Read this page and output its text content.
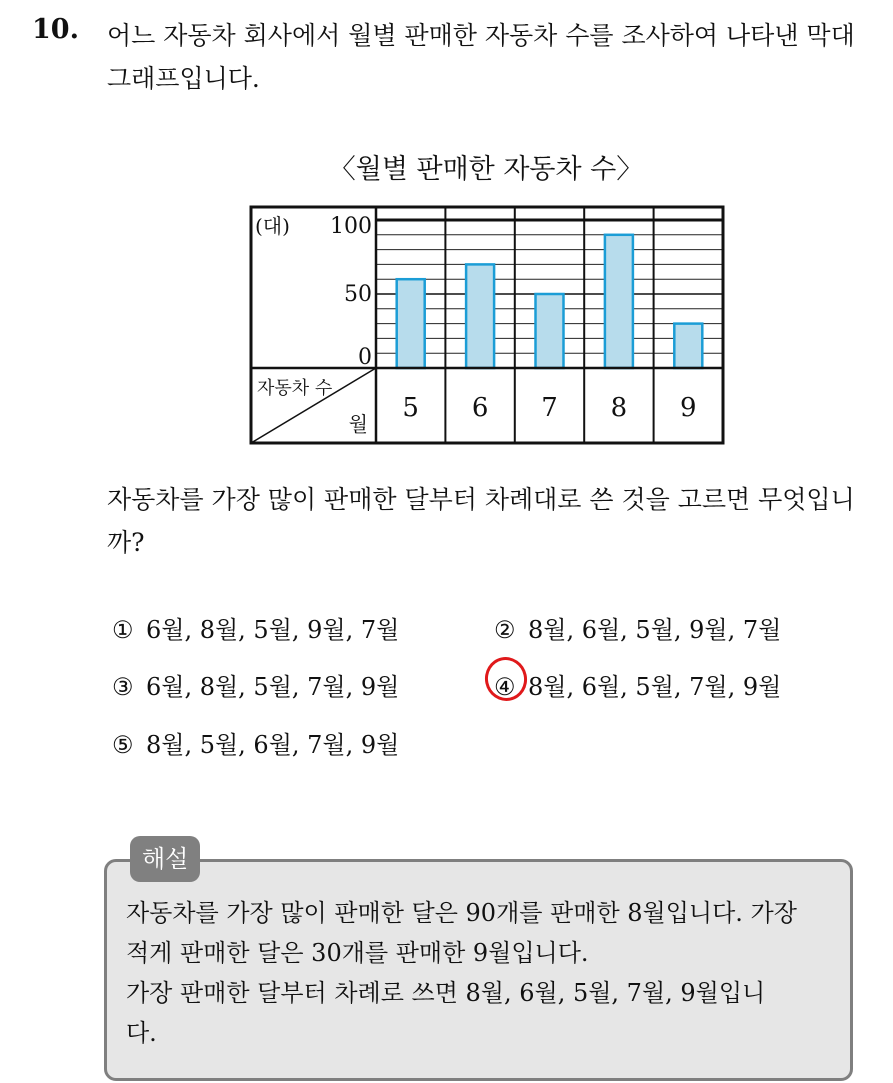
10. 어느 자동차 회사에서 월별 판매한 자동차 수를 조사하여 나타낸 막대그래프입니다.
〈월별 판매한 자동차 수〉
0
50
100
(대)
자동차 수
월
5 6 7 8 9
자동차를 가장 많이 판매한 달부터 차례대로 쓴 것을 고르면 무엇입니까?
① 6월, 8월, 5월, 9월, 7월	② 8월, 6월, 5월, 9월, 7월
③ 6월, 8월, 5월, 7월, 9월	④ 8월, 6월, 5월, 7월, 9월
⑤ 8월, 5월, 6월, 7월, 9월
해설

자동차를 가장 많이 판매한 달은 90개를 판매한 8월입니다. 가장

적게 판매한 달은 30개를 판매한 9월입니다.

가장 판매한 달부터 차례로 쓰면 8월, 6월, 5월, 7월, 9월입니

다.
